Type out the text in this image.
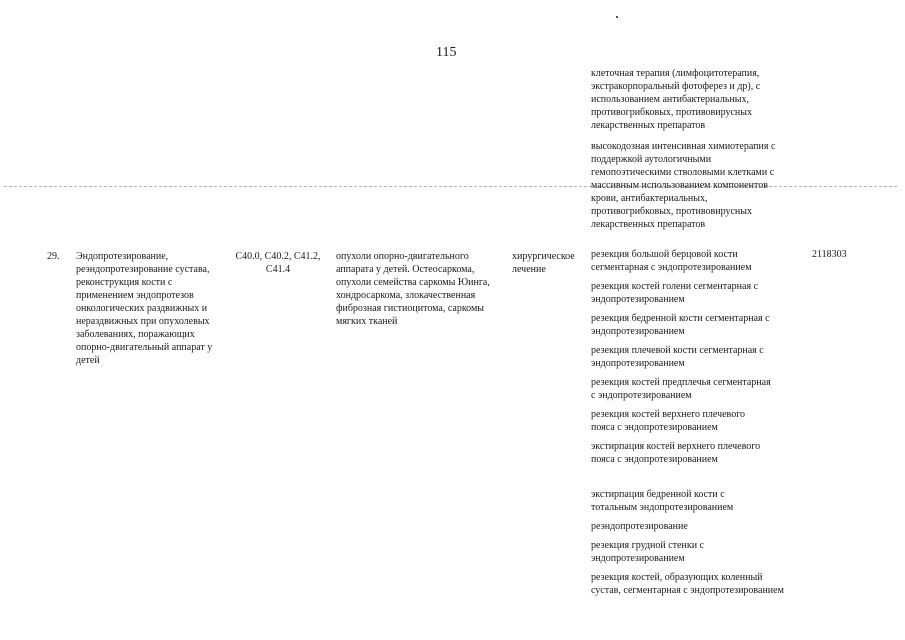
115

клеточная терапия (лимфоцитотерапия, экстракорпоральный фотоферез и др), с использованием антибактериальных, противогрибковых, противовирусных лекарственных препаратов

высокодозная интенсивная химиотерапия с поддержкой аутологичными гемопоэтическими стволовыми клетками с массивным использованием компонентов крови, антибактериальных, противогрибковых, противовирусных лекарственных препаратов

29. Эндопротезирование, реэндопротезирование сустава, реконструкция кости с применением эндопротезов онкологических раздвижных и нераздвижных при опухолевых заболеваниях, поражающих опорно-двигательный аппарат у детей
C40.0, C40.2, C41.2, C41.4
опухоли опорно-двигательного аппарата у детей. Остеосаркома, опухоли семейства саркомы Юинга, хондросаркома, злокачественная фиброзная гистиоцитома, саркомы мягких тканей
хирургическое лечение
2118303

резекция большой берцовой кости сегментарная с эндопротезированием

резекция костей голени сегментарная с эндопротезированием

резекция бедренной кости сегментарная с эндопротезированием

резекция плечевой кости сегментарная с эндопротезированием

резекция костей предплечья сегментарная с эндопротезированием

резекция костей верхнего плечевого пояса с эндопротезированием

экстирпация костей верхнего плечевого пояса с эндопротезированием

экстирпация бедренной кости с тотальным эндопротезированием

реэндопротезирование

резекция грудной стенки с эндопротезированием

резекция костей, образующих коленный сустав, сегментарная с эндопротезированием
